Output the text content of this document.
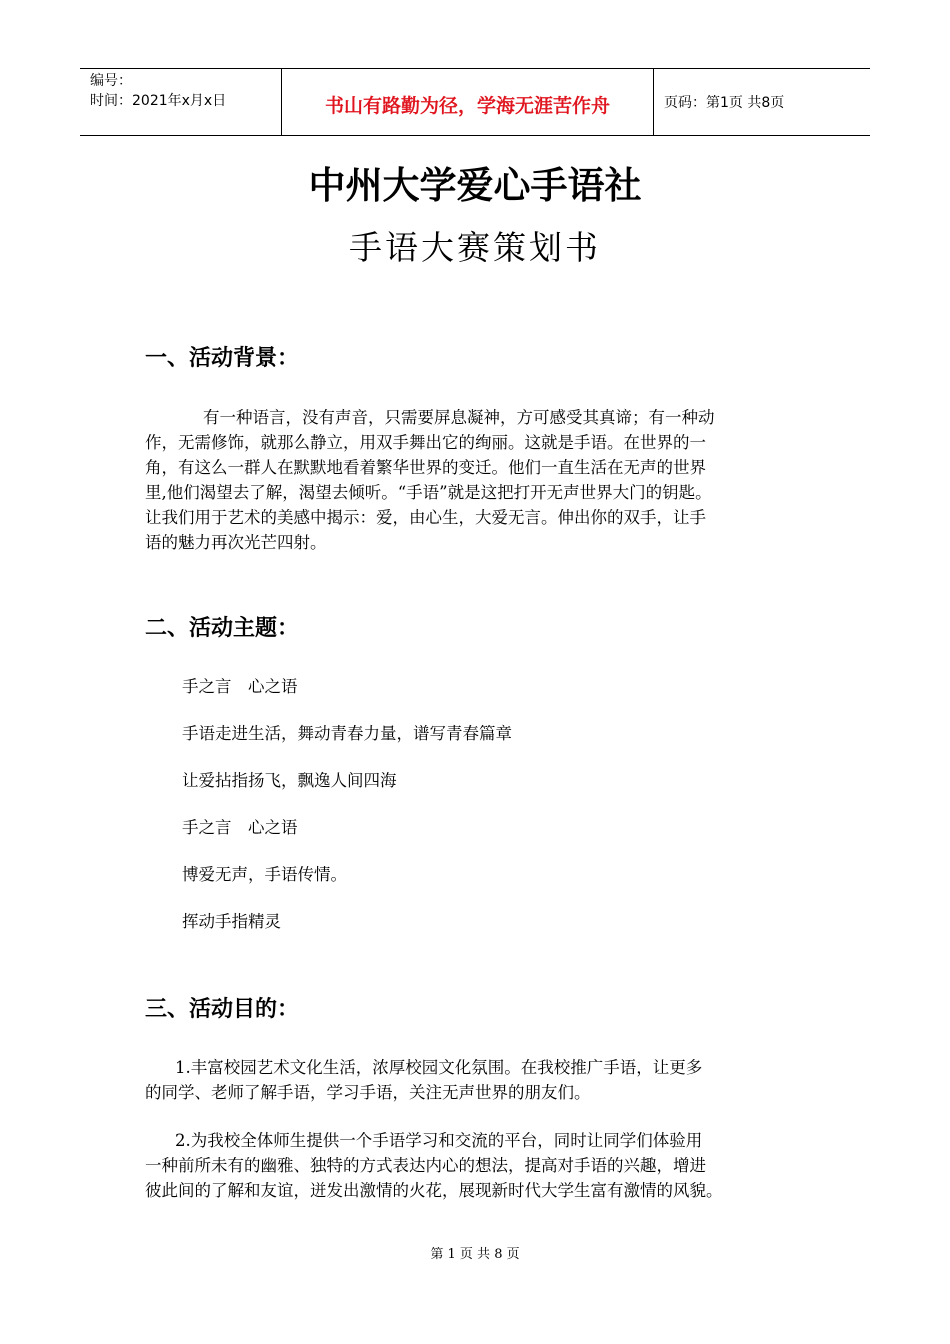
编号：
时间：2021年x月x日	书山有路勤为径，学海无涯苦作舟	页码：第1页 共8页
中州大学爱心手语社
手语大赛策划书
一、活动背景：
有一种语言，没有声音，只需要屏息凝神，方可感受其真谛；有一种动
作，无需修饰，就那么静立，用双手舞出它的绚丽。这就是手语。在世界的一
角，有这么一群人在默默地看着繁华世界的变迁。他们一直生活在无声的世界
里,他们渴望去了解，渴望去倾听。“手语”就是这把打开无声世界大门的钥匙。
让我们用于艺术的美感中揭示：爱，由心生，大爱无言。伸出你的双手，让手
语的魅力再次光芒四射。
二、活动主题：
手之言　心之语
手语走进生活，舞动青春力量，谱写青春篇章
让爱拈指扬飞，飘逸人间四海
手之言　心之语
博爱无声，手语传情。
挥动手指精灵
三、活动目的：
1.丰富校园艺术文化生活，浓厚校园文化氛围。在我校推广手语，让更多
的同学、老师了解手语，学习手语，关注无声世界的朋友们。
2.为我校全体师生提供一个手语学习和交流的平台，同时让同学们体验用
一种前所未有的幽雅、独特的方式表达内心的想法，提高对手语的兴趣，增进
彼此间的了解和友谊，迸发出激情的火花，展现新时代大学生富有激情的风貌。
第 1 页 共 8 页
